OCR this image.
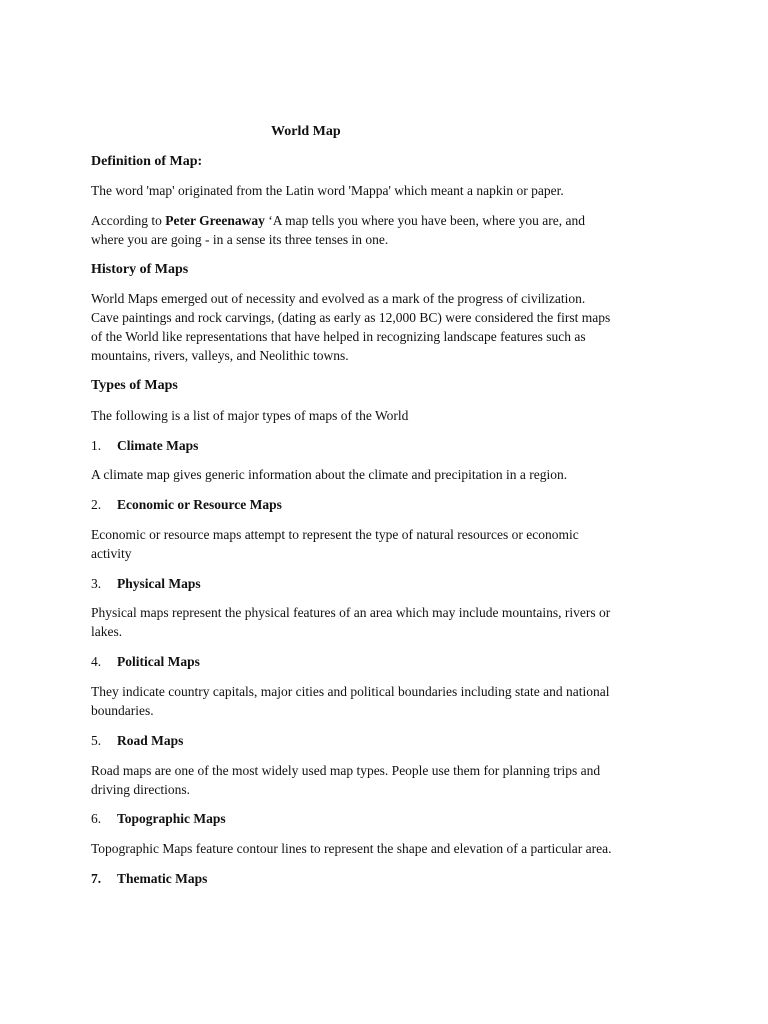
World Map
Definition of Map:

The word 'map' originated from the Latin word 'Mappa' which meant a napkin or paper.

According to Peter Greenaway ‘A map tells you where you have been, where you are, and

where you are going - in a sense its three tenses in one.

History of Maps

World Maps emerged out of necessity and evolved as a mark of the progress of civilization.

Cave paintings and rock carvings, (dating as early as 12,000 BC) were considered the first maps

of the World like representations that have helped in recognizing landscape features such as

mountains, rivers, valleys, and Neolithic towns.

Types of Maps
The following is a list of major types of maps of the World
1. Climate Maps

A climate map gives generic information about the climate and precipitation in a region.

2. Economic or Resource Maps

Economic or resource maps attempt to represent the type of natural resources or economic

activity

3. Physical Maps

Physical maps represent the physical features of an area which may include mountains, rivers or

lakes.

4. Political Maps

They indicate country capitals, major cities and political boundaries including state and national

boundaries.

5. Road Maps

Road maps are one of the most widely used map types. People use them for planning trips and

driving directions.

6. Topographic Maps

Topographic Maps feature contour lines to represent the shape and elevation of a particular area.

7. Thematic Maps
